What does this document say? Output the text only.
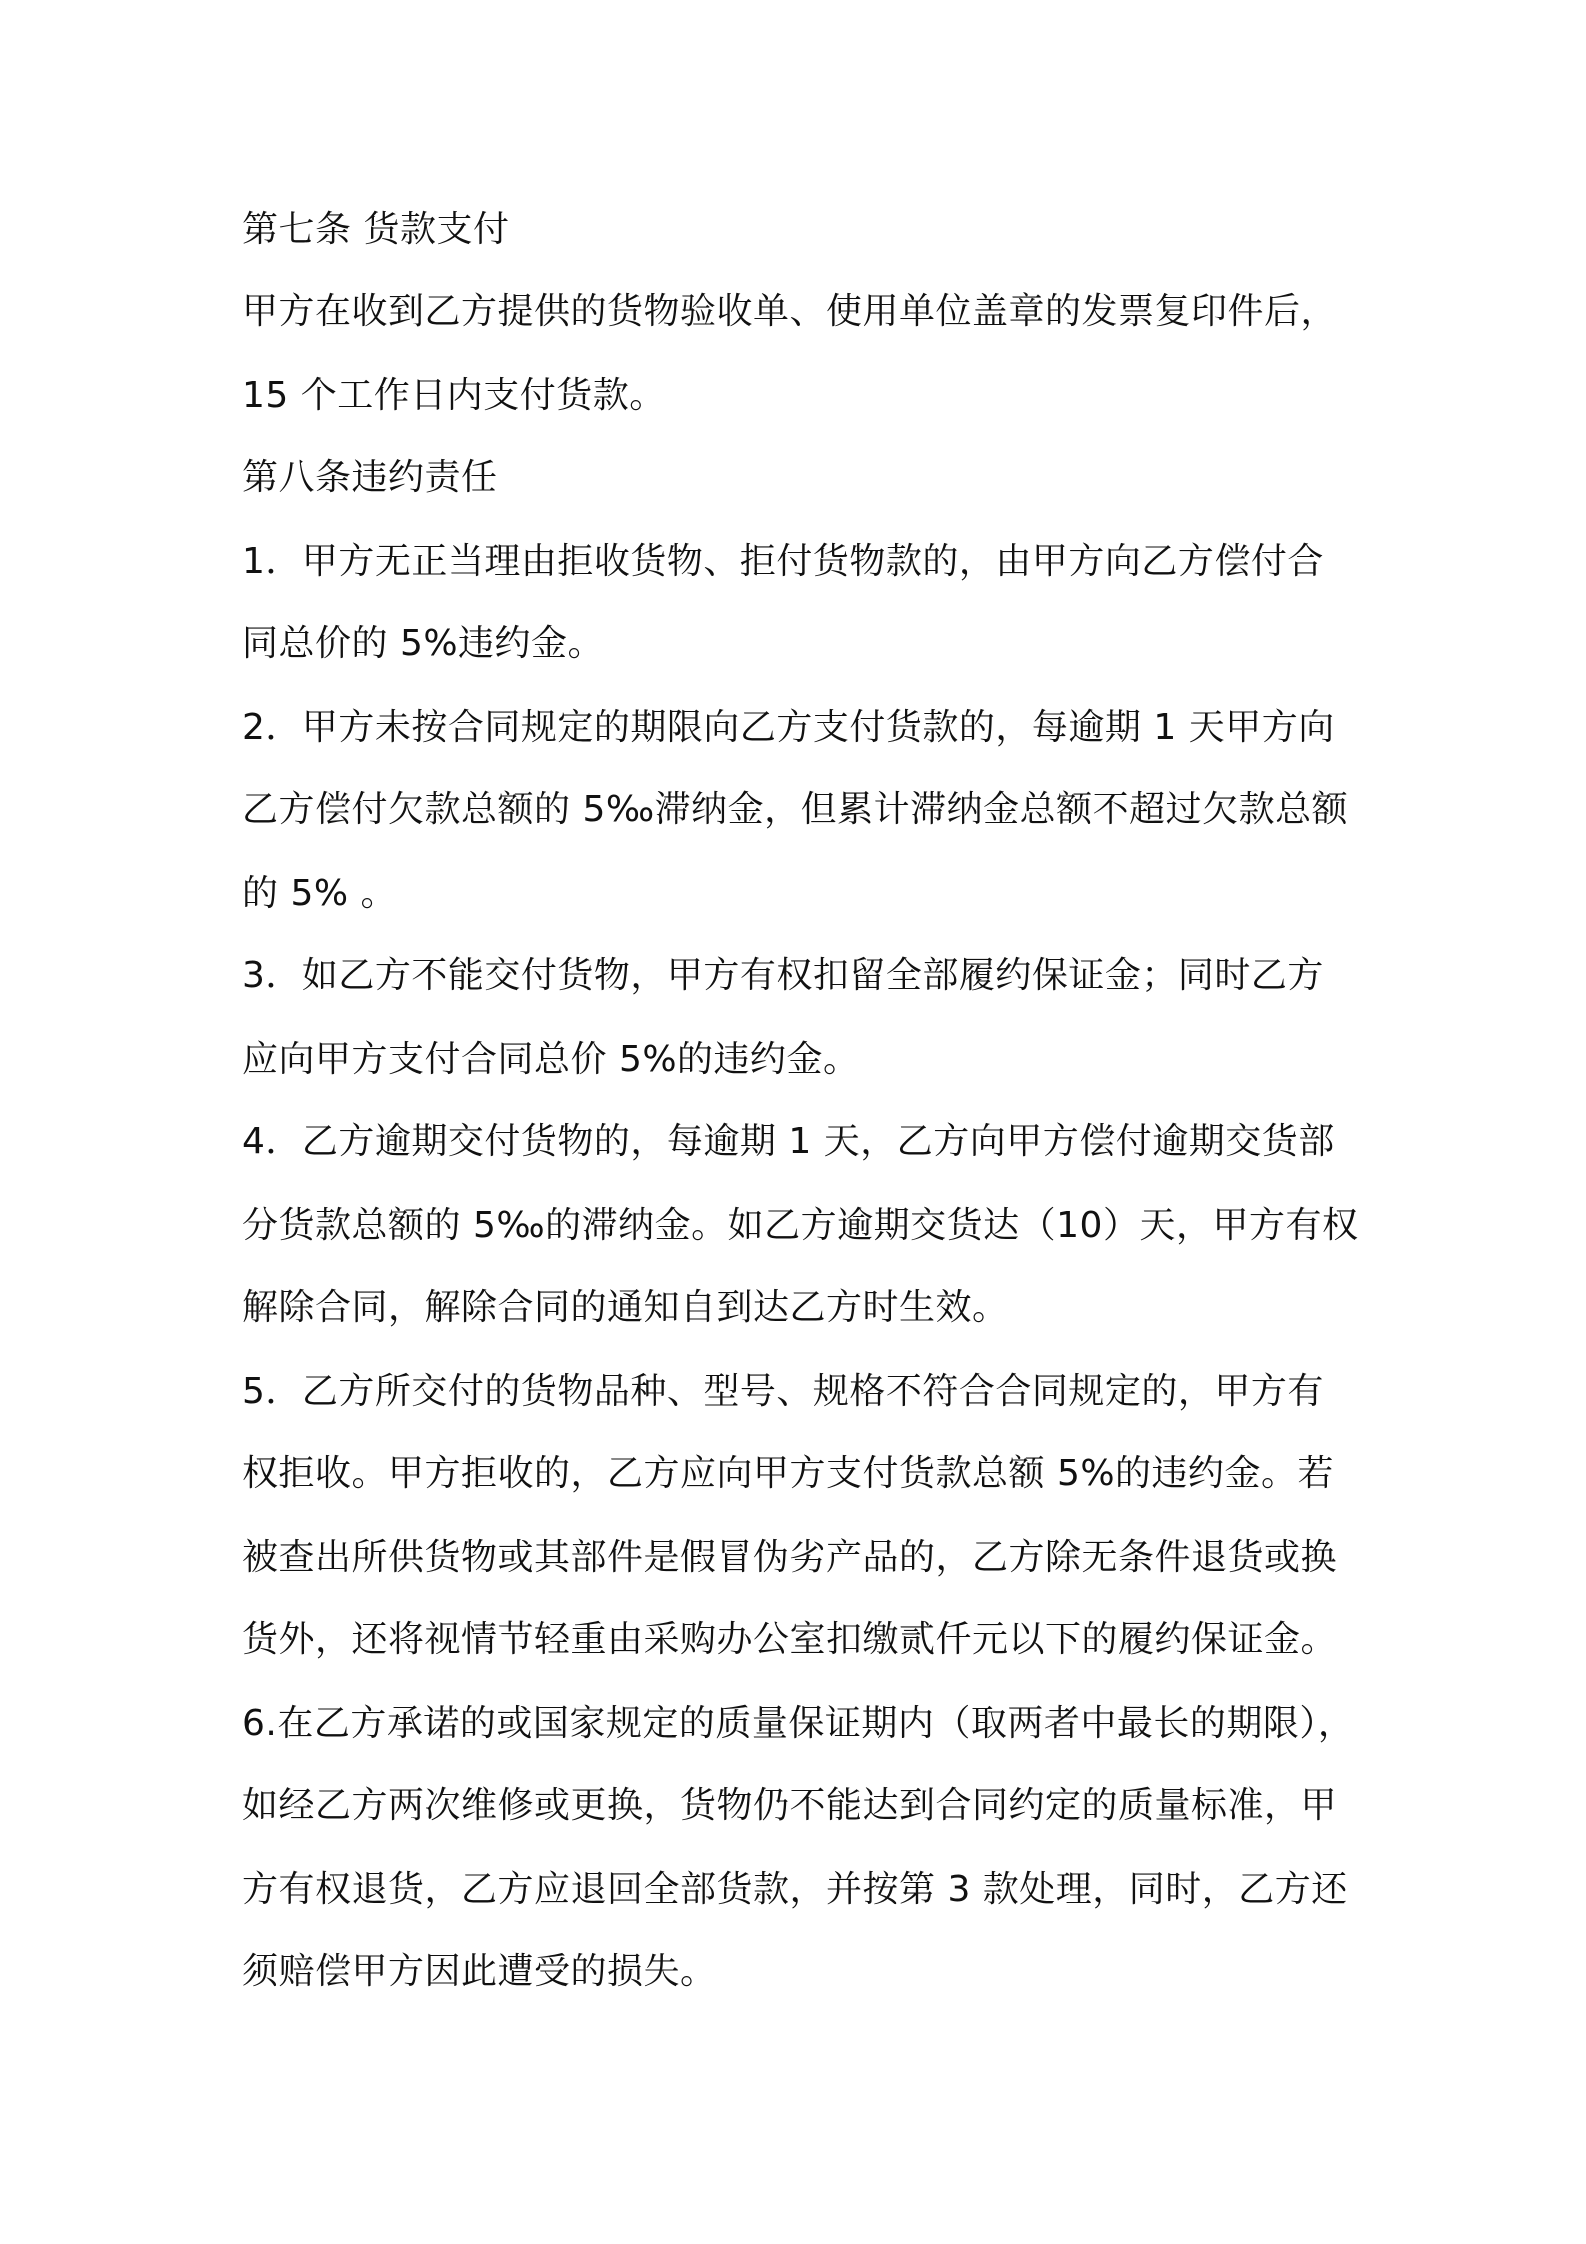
第七条 货款支付
甲方在收到乙方提供的货物验收单、使用单位盖章的发票复印件后，
15 个工作日内支付货款。
第八条违约责任
1．甲方无正当理由拒收货物、拒付货物款的，由甲方向乙方偿付合
同总价的 5%违约金。
2．甲方未按合同规定的期限向乙方支付货款的，每逾期 1 天甲方向
乙方偿付欠款总额的 5‰滞纳金，但累计滞纳金总额不超过欠款总额
的 5% 。
3．如乙方不能交付货物，甲方有权扣留全部履约保证金；同时乙方
应向甲方支付合同总价 5%的违约金。
4．乙方逾期交付货物的，每逾期 1 天，乙方向甲方偿付逾期交货部
分货款总额的 5‰的滞纳金。如乙方逾期交货达（10）天，甲方有权
解除合同，解除合同的通知自到达乙方时生效。
5．乙方所交付的货物品种、型号、规格不符合合同规定的，甲方有
权拒收。甲方拒收的，乙方应向甲方支付货款总额 5%的违约金。若
被查出所供货物或其部件是假冒伪劣产品的，乙方除无条件退货或换
货外，还将视情节轻重由采购办公室扣缴贰仟元以下的履约保证金。
6.在乙方承诺的或国家规定的质量保证期内（取两者中最长的期限），
如经乙方两次维修或更换，货物仍不能达到合同约定的质量标准，甲
方有权退货，乙方应退回全部货款，并按第 3 款处理，同时，乙方还
须赔偿甲方因此遭受的损失。
